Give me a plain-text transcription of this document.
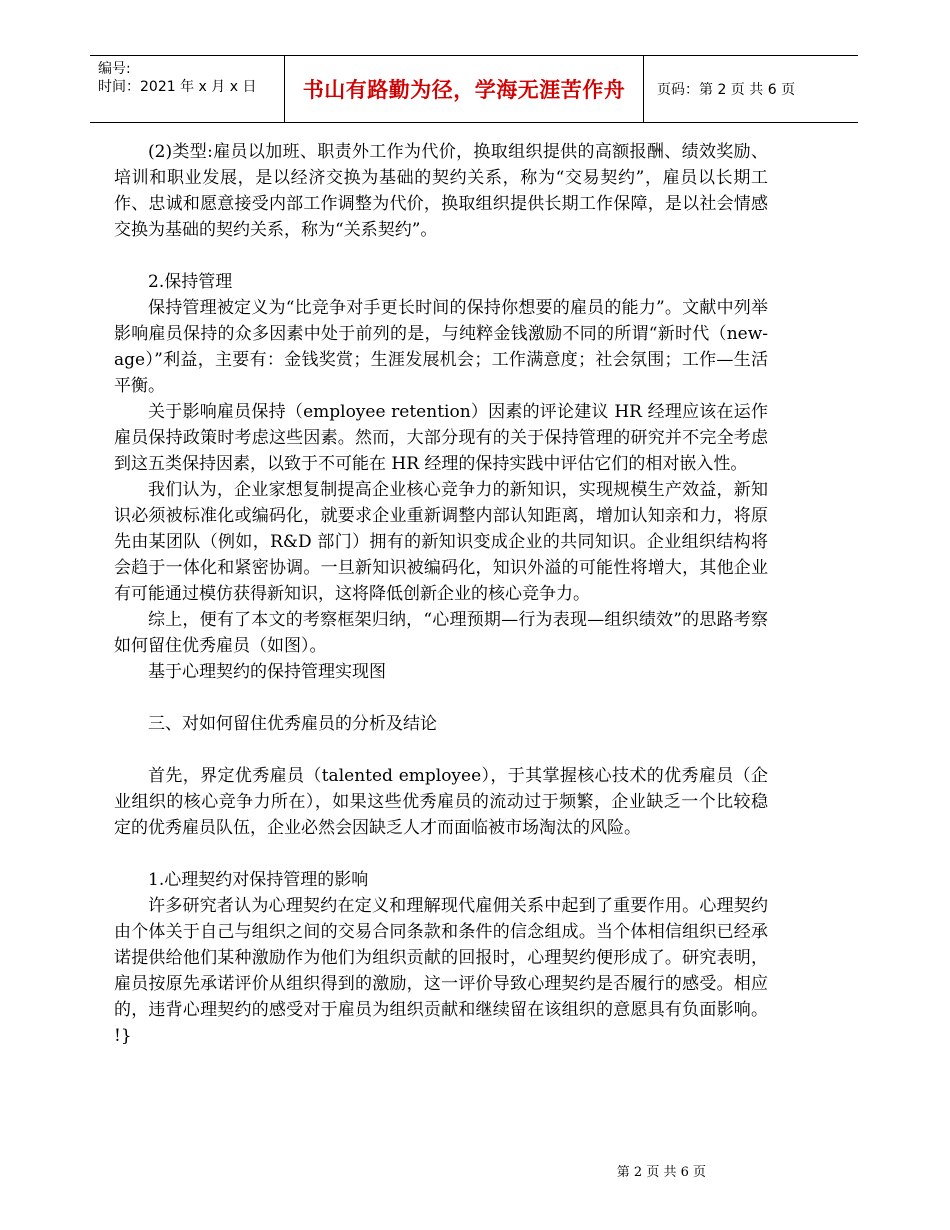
编号:
时间：2021 年 x 月 x 日	书山有路勤为径，学海无涯苦作舟	页码：第 2 页 共 6 页

(2)类型:雇员以加班、职责外工作为代价，换取组织提供的高额报酬、绩效奖励、培训和职业发展，是以经济交换为基础的契约关系，称为“交易契约”，雇员以长期工作、忠诚和愿意接受内部工作调整为代价，换取组织提供长期工作保障，是以社会情感交换为基础的契约关系，称为“关系契约”。

2.保持管理

保持管理被定义为“比竞争对手更长时间的保持你想要的雇员的能力”。文献中列举影响雇员保持的众多因素中处于前列的是，与纯粹金钱激励不同的所谓“新时代（new-age）”利益，主要有：金钱奖赏；生涯发展机会；工作满意度；社会氛围；工作—生活平衡。

关于影响雇员保持（employee retention）因素的评论建议 HR 经理应该在运作雇员保持政策时考虑这些因素。然而，大部分现有的关于保持管理的研究并不完全考虑到这五类保持因素，以致于不可能在 HR 经理的保持实践中评估它们的相对嵌入性。

我们认为，企业家想复制提高企业核心竞争力的新知识，实现规模生产效益，新知识必须被标准化或编码化，就要求企业重新调整内部认知距离，增加认知亲和力，将原先由某团队（例如，R&D 部门）拥有的新知识变成企业的共同知识。企业组织结构将会趋于一体化和紧密协调。一旦新知识被编码化，知识外溢的可能性将增大，其他企业有可能通过模仿获得新知识，这将降低创新企业的核心竞争力。

综上，便有了本文的考察框架归纳，“心理预期—行为表现—组织绩效”的思路考察如何留住优秀雇员（如图）。

基于心理契约的保持管理实现图

三、对如何留住优秀雇员的分析及结论

首先，界定优秀雇员（talented employee），于其掌握核心技术的优秀雇员（企业组织的核心竞争力所在），如果这些优秀雇员的流动过于频繁，企业缺乏一个比较稳定的优秀雇员队伍，企业必然会因缺乏人才而面临被市场淘汰的风险。

1.心理契约对保持管理的影响

许多研究者认为心理契约在定义和理解现代雇佣关系中起到了重要作用。心理契约由个体关于自己与组织之间的交易合同条款和条件的信念组成。当个体相信组织已经承诺提供给他们某种激励作为他们为组织贡献的回报时，心理契约便形成了。研究表明，雇员按原先承诺评价从组织得到的激励，这一评价导致心理契约是否履行的感受。相应的，违背心理契约的感受对于雇员为组织贡献和继续留在该组织的意愿具有负面影响。 !}

第 2 页 共 6 页
